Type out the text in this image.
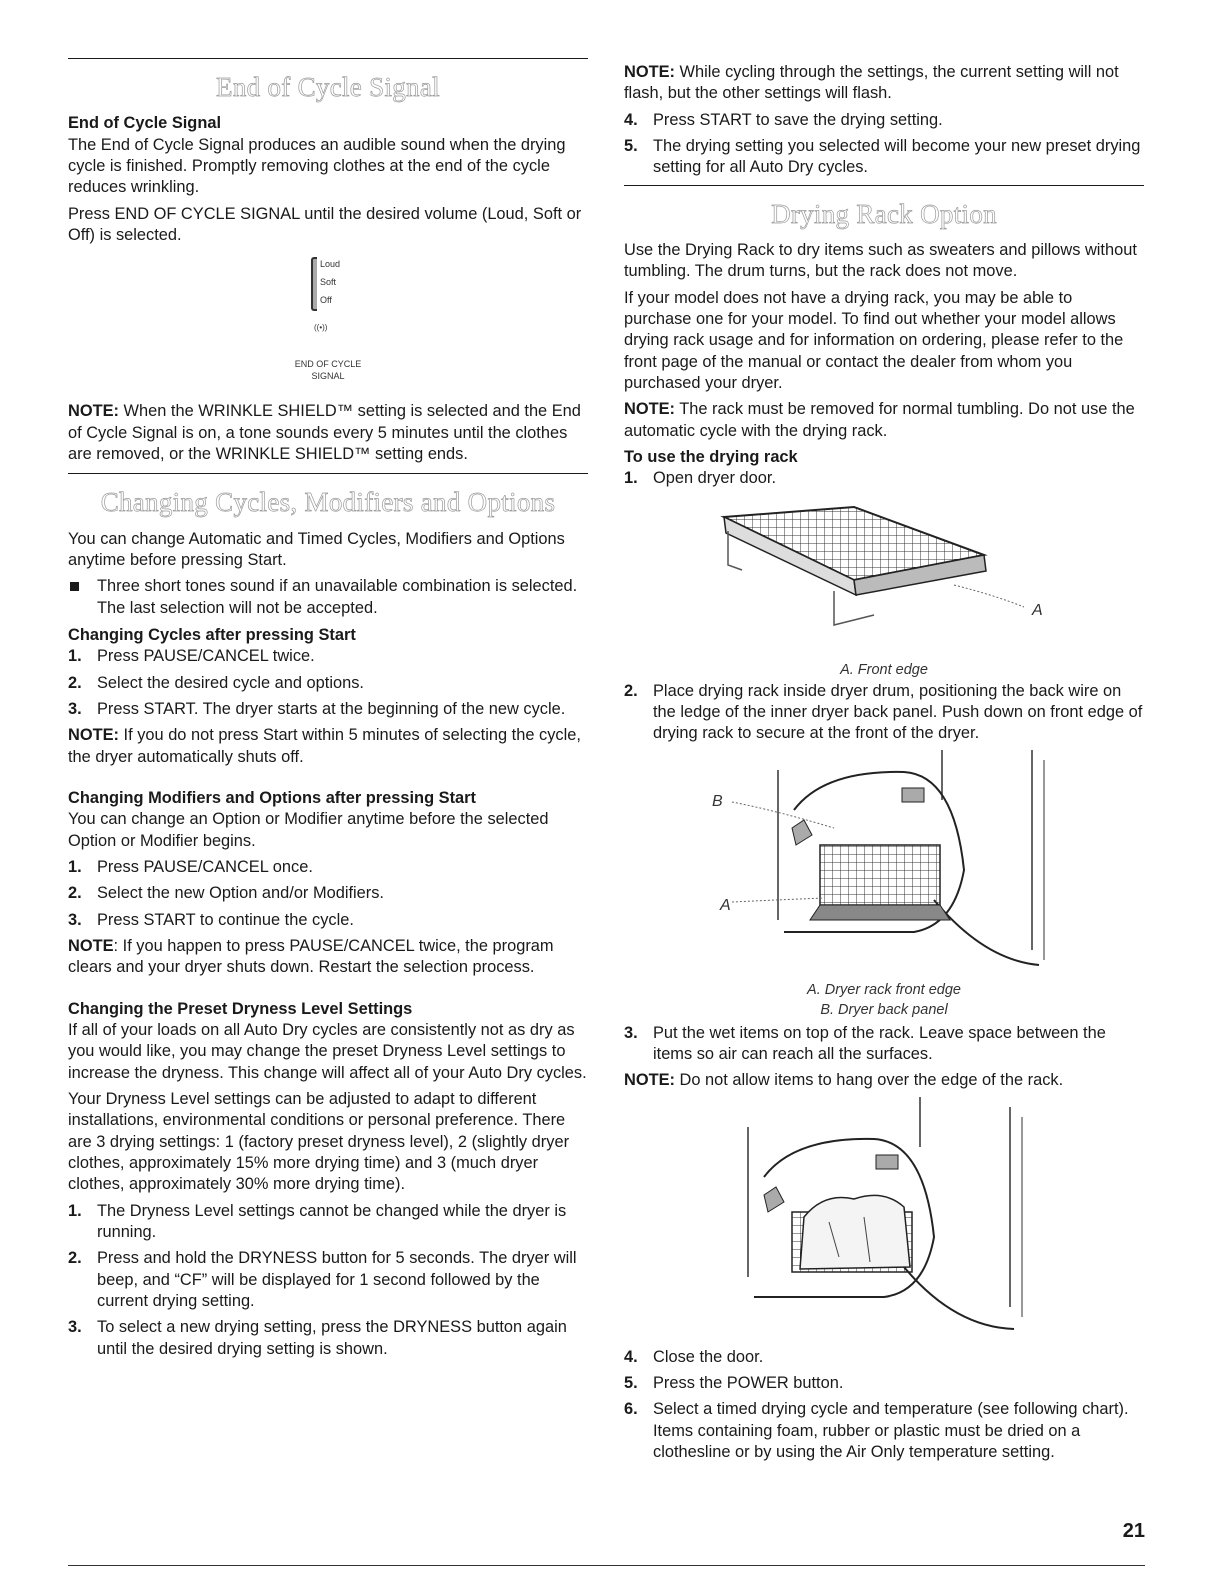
End of Cycle Signal
End of Cycle Signal

The End of Cycle Signal produces an audible sound when the drying cycle is finished. Promptly removing clothes at the end of the cycle reduces wrinkling.

Press END OF CYCLE SIGNAL until the desired volume (Loud, Soft or Off) is selected.

Loud
Soft
Off
((•))
END OF CYCLE
SIGNAL

NOTE: When the WRINKLE SHIELD™ setting is selected and the End of Cycle Signal is on, a tone sounds every 5 minutes until the clothes are removed, or the WRINKLE SHIELD™ setting ends.

Changing Cycles, Modifiers and Options

You can change Automatic and Timed Cycles, Modifiers and Options anytime before pressing Start.

Three short tones sound if an unavailable combination is selected. The last selection will not be accepted.
Changing Cycles after pressing Start
1. Press PAUSE/CANCEL twice.
2. Select the desired cycle and options.
3. Press START. The dryer starts at the beginning of the new cycle.

NOTE: If you do not press Start within 5 minutes of selecting the cycle, the dryer automatically shuts off.

Changing Modifiers and Options after pressing Start

You can change an Option or Modifier anytime before the selected Option or Modifier begins.

1. Press PAUSE/CANCEL once.
2. Select the new Option and/or Modifiers.
3. Press START to continue the cycle.

NOTE: If you happen to press PAUSE/CANCEL twice, the program clears and your dryer shuts down. Restart the selection process.

Changing the Preset Dryness Level Settings

If all of your loads on all Auto Dry cycles are consistently not as dry as you would like, you may change the preset Dryness Level settings to increase the dryness. This change will affect all of your Auto Dry cycles.

Your Dryness Level settings can be adjusted to adapt to different installations, environmental conditions or personal preference. There are 3 drying settings: 1 (factory preset dryness level), 2 (slightly dryer clothes, approximately 15% more drying time) and 3 (much dryer clothes, approximately 30% more drying time).

1. The Dryness Level settings cannot be changed while the dryer is running.
2. Press and hold the DRYNESS button for 5 seconds. The dryer will beep, and “CF” will be displayed for 1 second followed by the current drying setting.
3. To select a new drying setting, press the DRYNESS button again until the desired drying setting is shown.

NOTE: While cycling through the settings, the current setting will not flash, but the other settings will flash.

4. Press START to save the drying setting.
5. The drying setting you selected will become your new preset drying setting for all Auto Dry cycles.
Drying Rack Option

Use the Drying Rack to dry items such as sweaters and pillows without tumbling. The drum turns, but the rack does not move.

If your model does not have a drying rack, you may be able to purchase one for your model. To find out whether your model allows drying rack usage and for information on ordering, please refer to the front page of the manual or contact the dealer from whom you purchased your dryer.

NOTE: The rack must be removed for normal tumbling. Do not use the automatic cycle with the drying rack.

To use the drying rack
1. Open dryer door.
A
A. Front edge
2. Place drying rack inside dryer drum, positioning the back wire on the ledge of the inner dryer back panel. Push down on front edge of drying rack to secure at the front of the dryer.
B
A
A. Dryer rack front edge
B. Dryer back panel
3. Put the wet items on top of the rack. Leave space between the items so air can reach all the surfaces.

NOTE: Do not allow items to hang over the edge of the rack.

4. Close the door.
5. Press the POWER button.
6. Select a timed drying cycle and temperature (see following chart). Items containing foam, rubber or plastic must be dried on a clothesline or by using the Air Only temperature setting.
21
